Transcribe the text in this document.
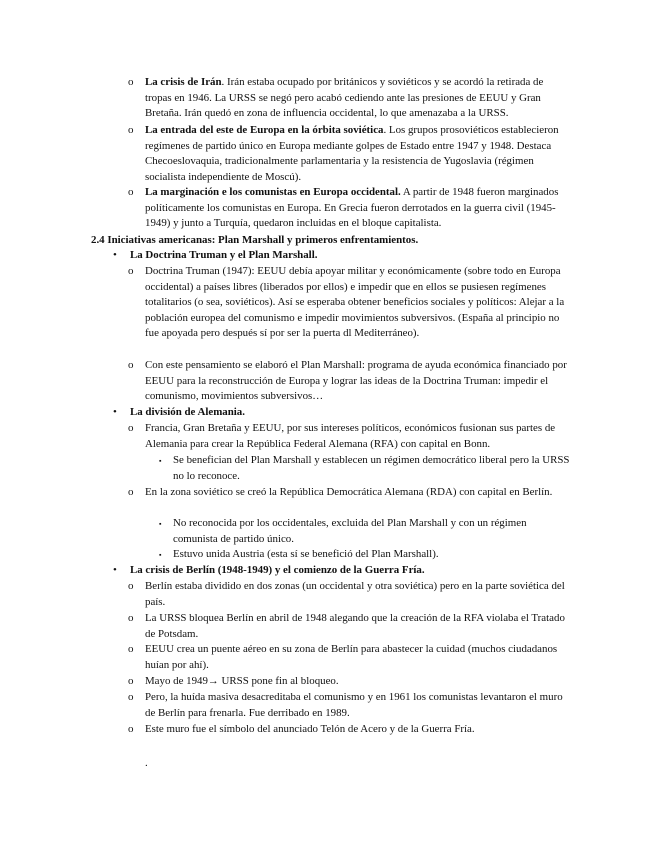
o La crisis de Irán. Irán estaba ocupado por británicos y soviéticos y se acordó la retirada de tropas en 1946. La URSS se negó pero acabó cediendo ante las presiones de EEUU y Gran Bretaña. Irán quedó en zona de influencia occidental, lo que amenazaba a la URSS.
o La entrada del este de Europa en la órbita soviética. Los grupos prosoviéticos establecieron regímenes de partido único en Europa mediante golpes de Estado entre 1947 y 1948. Destaca Checoeslovaquia, tradicionalmente parlamentaria y la resistencia de Yugoslavia (régimen socialista independiente de Moscú).
o La marginación e los comunistas en Europa occidental. A partir de 1948 fueron marginados políticamente los comunistas en Europa. En Grecia fueron derrotados en la guerra civil (1945-1949) y junto a Turquía, quedaron incluidas en el bloque capitalista.
2.4 Iniciativas americanas: Plan Marshall y primeros enfrentamientos.
• La Doctrina Truman y el Plan Marshall.
o Doctrina Truman (1947): EEUU debía apoyar militar y económicamente (sobre todo en Europa occidental) a países libres (liberados por ellos) e impedir que en ellos se pusiesen regímenes totalitarios (o sea, soviéticos). Así se esperaba obtener beneficios sociales y políticos: Alejar a la población europea del comunismo e impedir movimientos subversivos. (España al principio no fue apoyada pero después sí por ser la puerta dl Mediterráneo).
o Con este pensamiento se elaboró el Plan Marshall: programa de ayuda económica financiado por EEUU para la reconstrucción de Europa y lograr las ideas de la Doctrina Truman: impedir el comunismo, movimientos subversivos…
• La división de Alemania.
o Francia, Gran Bretaña y EEUU, por sus intereses políticos, económicos fusionan sus partes de Alemania para crear la República Federal Alemana (RFA) con capital en Bonn.
▪ Se benefician del Plan Marshall y establecen un régimen democrático liberal pero la URSS no lo reconoce.
o En la zona soviético se creó la República Democrática Alemana (RDA) con capital en Berlín.
▪ No reconocida por los occidentales, excluida del Plan Marshall y con un régimen comunista de partido único.
▪ Estuvo unida Austria (esta sí se benefició del Plan Marshall).
• La crisis de Berlín (1948-1949) y el comienzo de la Guerra Fría.
o Berlín estaba dividido en dos zonas (un occidental y otra soviética) pero en la parte soviética del país.
o La URSS bloquea Berlín en abril de 1948 alegando que la creación de la RFA violaba el Tratado de Potsdam.
o EEUU crea un puente aéreo en su zona de Berlín para abastecer la cuidad (muchos ciudadanos huían por ahí).
o Mayo de 1949→ URSS pone fin al bloqueo.
o Pero, la huída masiva desacreditaba el comunismo y en 1961 los comunistas levantaron el muro de Berlín para frenarla. Fue derribado en 1989.
o Este muro fue el símbolo del anunciado Telón de Acero y de la Guerra Fría.
.
